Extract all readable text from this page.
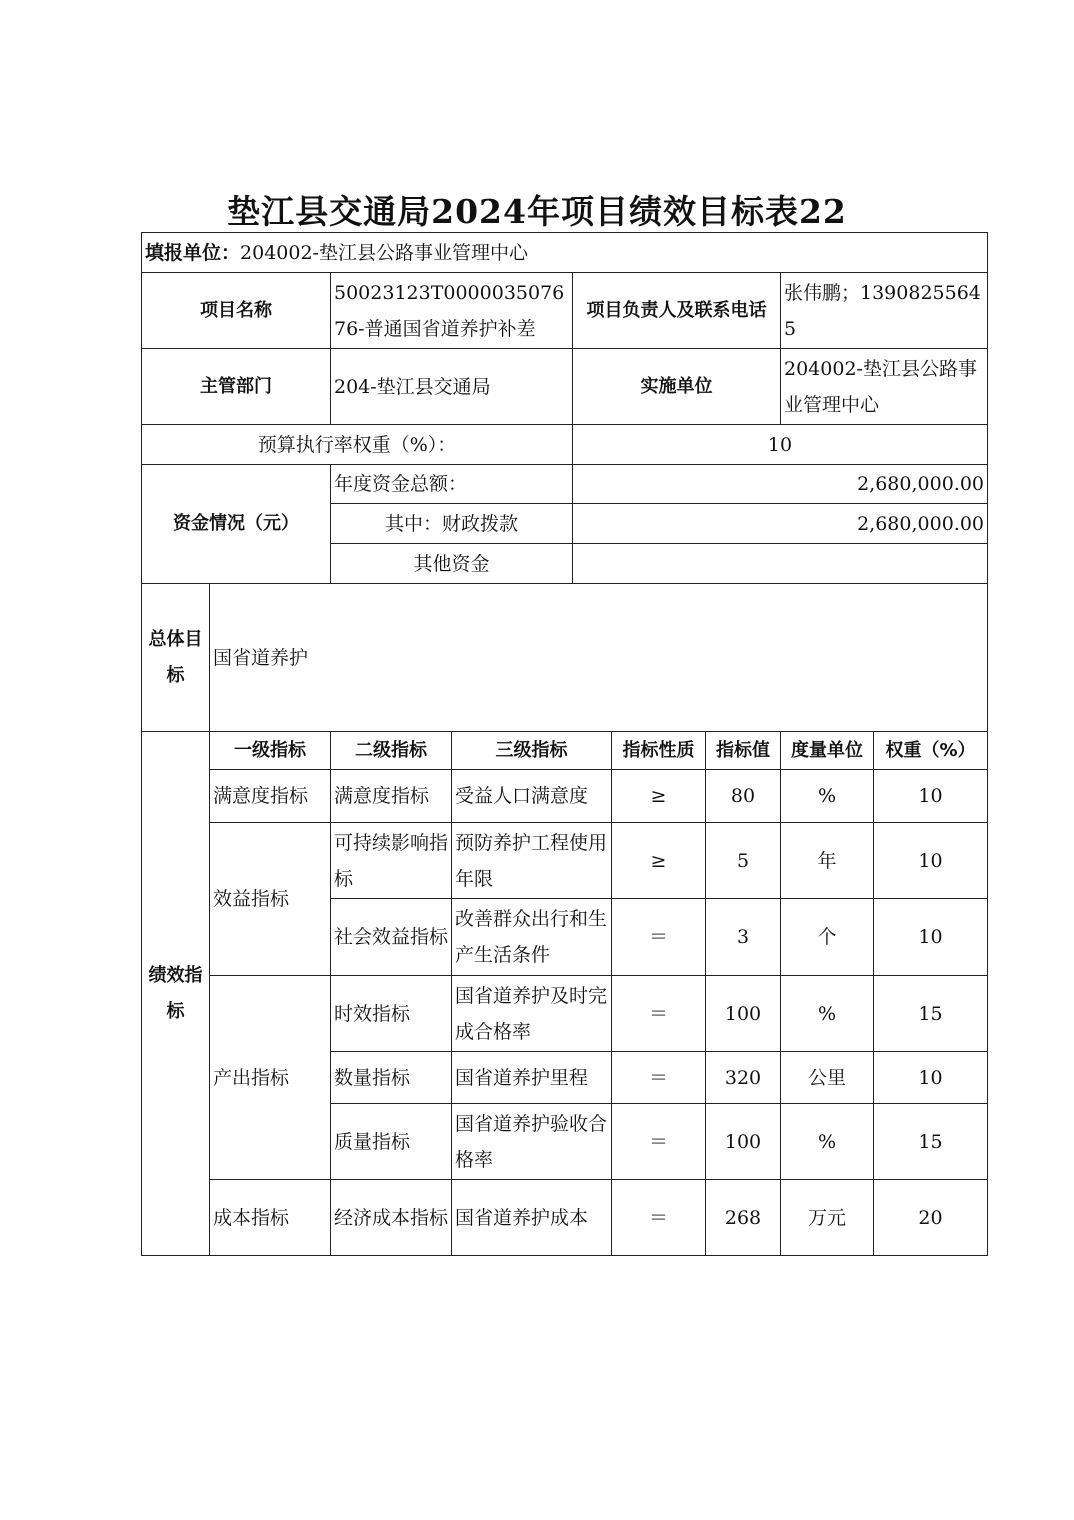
垫江县交通局2024年项目绩效目标表22
填报单位：204002-垫江县公路事业管理中心								
项目名称		50023123T000003507676-普通国省道养护补差		项目负责人及联系电话			张伟鹏；13908255645	
主管部门		204-垫江县交通局		实施单位			204002-垫江县公路事业管理中心	
预算执行率权重（%）：				10				
资金情况（元）		年度资金总额：		2,680,000.00				
		其中：财政拨款		2,680,000.00				
		其他资金						
总体目标	国省道养护							
绩效指标	一级指标	二级指标	三级指标		指标性质	指标值	度量单位	权重（%）
	满意度指标	满意度指标	受益人口满意度		≥	80	%	10
	效益指标	可持续影响指标	预防养护工程使用年限		≥	5	年	10
		社会效益指标	改善群众出行和生产生活条件		＝	3	个	10
	产出指标	时效指标	国省道养护及时完成合格率		＝	100	%	15
		数量指标	国省道养护里程		＝	320	公里	10
		质量指标	国省道养护验收合格率		＝	100	%	15
	成本指标	经济成本指标	国省道养护成本		＝	268	万元	20
